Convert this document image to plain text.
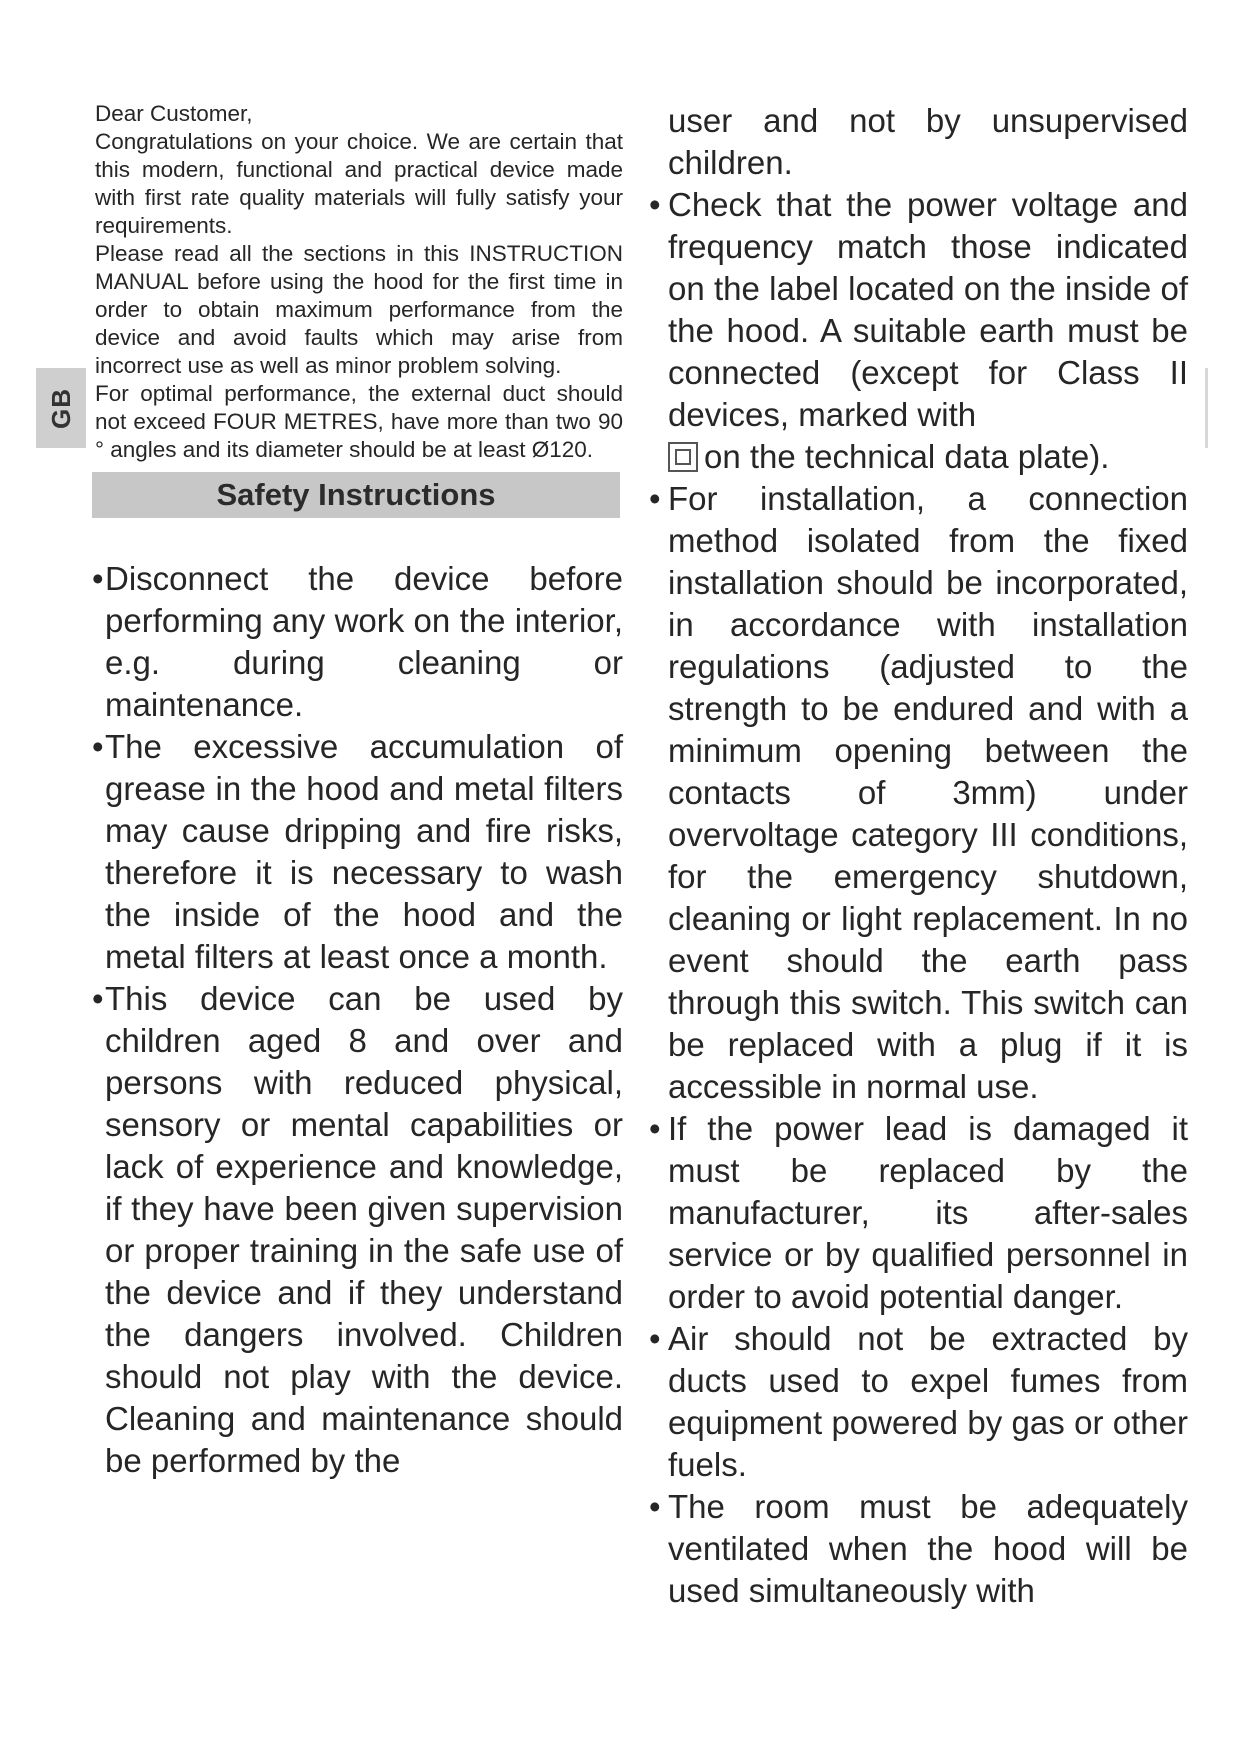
GB

Dear Customer,

Congratulations on your choice. We are certain that this modern, functional and practical device made with first rate quality materials will fully satisfy your requirements.

Please read all the sections in this INSTRUCTION MANUAL before using the hood for the first time in order to obtain maximum performance from the device and avoid faults which may arise from incorrect use as well as minor problem solving.

For optimal performance, the external duct should not exceed FOUR METRES, have more than two 90 ° angles and its diameter should be at least Ø120.

Safety Instructions

• Disconnect the device before performing any work on the interior, e.g. during cleaning or maintenance.

• The excessive accumulation of grease in the hood and metal filters may cause dripping and fire risks, therefore it is necessary to wash the inside of the hood and the metal filters at least once a month.

• This device can be used by children aged 8 and over and persons with reduced physical, sensory or mental capabilities or lack of experience and knowledge, if they have been given supervision or proper training in the safe use of the device and if they understand the dangers involved. Children should not play with the device. Cleaning and maintenance should be performed by the

user and not by unsupervised children.

• Check that the power voltage and frequency match those indicated on the label located on the inside of the hood. A suitable earth must be connected (except for Class II devices, marked with
on the technical data plate).

• For installation, a connection method isolated from the fixed installation should be incorporated, in accordance with installation regulations (adjusted to the strength to be endured and with a minimum opening between the contacts of 3mm) under overvoltage category III conditions, for the emergency shutdown, cleaning or light replacement. In no event should the earth pass through this switch. This switch can be replaced with a plug if it is accessible in normal use.

• If the power lead is damaged it must be replaced by the manufacturer, its after-sales service or by qualified personnel in order to avoid potential danger.

• Air should not be extracted by ducts used to expel fumes from equipment powered by gas or other fuels.

• The room must be adequately ventilated when the hood will be used simultaneously with
